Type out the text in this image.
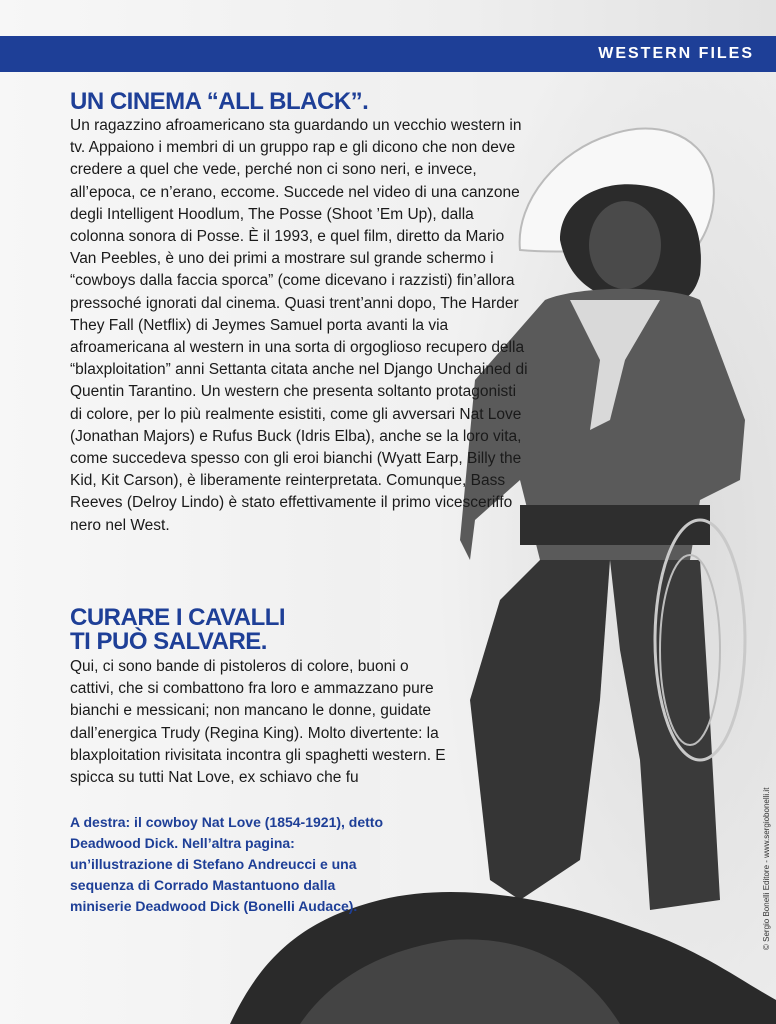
WESTERN FILES
UN CINEMA “ALL BLACK”.

Un ragazzino afroamericano sta guardando un vecchio western in tv. Appaiono i membri di un gruppo rap e gli dicono che non deve credere a quel che vede, perché non ci sono neri, e invece, all’epoca, ce n’erano, eccome. Succede nel video di una canzone degli Intelligent Hoodlum, The Posse (Shoot ’Em Up), dalla colonna sonora di Posse. È il 1993, e quel film, diretto da Mario Van Peebles, è uno dei primi a mostrare sul grande schermo i “cowboys dalla faccia sporca” (come dicevano i razzisti) fin’allora pressoché ignorati dal cinema. Quasi trent’anni dopo, The Harder They Fall (Netflix) di Jeymes Samuel porta avanti la via afroamericana al western in una sorta di orgoglioso recupero della “blaxploitation” anni Settanta citata anche nel Django Unchained di Quentin Tarantino. Un western che presenta soltanto protagonisti di colore, per lo più realmente esistiti, come gli avversari Nat Love (Jonathan Majors) e Rufus Buck (Idris Elba), anche se la loro vita, come succedeva spesso con gli eroi bianchi (Wyatt Earp, Billy the Kid, Kit Carson), è liberamente reinterpretata. Comunque, Bass Reeves (Delroy Lindo) è stato effettivamente il primo vicesceriffo nero nel West.

CURARE I CAVALLI
TI PUÒ SALVARE.

Qui, ci sono bande di pistoleros di colore, buoni o cattivi, che si combattono fra loro e ammazzano pure bianchi e messicani; non mancano le donne, guidate dall’energica Trudy (Regina King). Molto divertente: la blaxploitation rivisitata incontra gli spaghetti western. E spicca su tutti Nat Love, ex schiavo che fu

A destra: il cowboy Nat Love (1854-1921), detto Deadwood Dick. Nell’altra pagina: un’illustrazione di Stefano Andreucci e una sequenza di Corrado Mastantuono dalla miniserie Deadwood Dick (Bonelli Audace).	© Sergio Bonelli Editore - www.sergiobonelli.it
